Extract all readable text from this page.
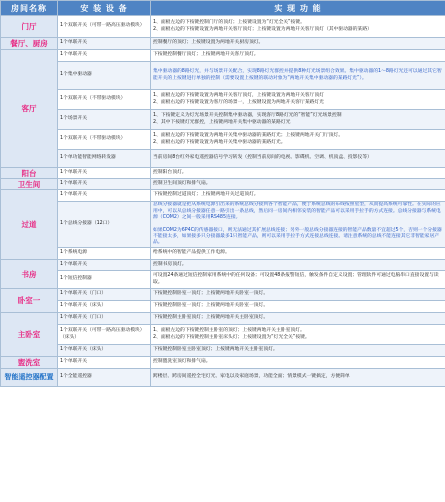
房间名称	安 装 设 备	实 现 功 能
门厅	1个双联开关（可带一路高压驱动模块）	1、面板左边的下按键控制门厅的顶灯；上按键设置为“灯光全关”按键。
2、面板右边的下按键设置为两地开关客厅顶灯；上按键设置为两地开关客厅顶灯（其中驱动器的某路）
餐厅、厨房	1个单联开关	控制餐厅的顶灯；上按键设置为两地开关厨房顶灯。
客厅	1个单联开关	下按键控制餐厅顶灯；上按键两地开关客厅顶灯。
	1个集中驱动器	集中驱动器的8路灯光，并与场景开关配合，实现8路灯光群控并提供8种灯光场景组合效果。集中驱动器的1～8路灯光还可以通过其它智能开关的上按键进行单独的控制（需要设置上按键的联动对象为“两地开关集中驱动器的某路灯光”）。
	1个双联开关（不带驱动模块）	1、面板左边的下按键设置为两地开关客厅顶灯，上按键设置为两地开关客厅顶灯
2、面板右边的下按键设置为客厅的场景一，上按键设置为两地开关客厅某路灯光
	1个场景开关	1、下按键定义为灯光场景开关控制集中驱动器，实现客厅8路灯光的“智能”灯光场景控制
2、其中下按键灯光群控，上按键两地开关集中驱动器的某路灯光
	1个双联开关（不带驱动模块）	1、面板左边的下按键设置为两地开关集中驱动器的某路灯光；上按键两地开关门厅顶灯。
2、面板右边的下按键设置为两地开关集中驱动器的某路灯光。
	1个单功能智能网络转发器	当前房间8台红外家电遥控器信号学习转发（控制当前房间的电视、影碟机、空调、机顶盒、投影仪等）
阳台	1个单联开关	控制阳台顶灯。
卫生间	1个单联开关	控制卫生间顶灯和排气扇。
过道	1个单联开关	下按键控制过道顶灯；上按键两地开关过道顶灯。
	1个总线分接器（12口）	总线分接器就是把从系统电源引出来的系统总线分接到各个智能产品，便于系统总线的布线按照星型，从而提高系统可靠性。在实际的应用中，可以从总线分接器任意一路引出一条总线，然后同一房间内相邻安装的智能产品可以采用手拉手的方式连接。总线分接器与系统电源（COM2）之间一般采用RS485连接。

如果COM2为6P4C的传感器接口，则无法通过其扩展总线连接；另外一般总线分接器连接的智能产品数量不宜超过5个，否则一个分接器不能接太多，如果接多只分接器最多1只智能产品，则可以采用手拉手方式连接总线连接。请注意系统的总线不能连接其它非智能家居产品。
	1个系统电源	给系统中的智能产品提供工作电源。
书房	1个单联开关	控制书房顶灯。
	1个短信控制器	可设置24条通过短信控制家用系统中的任何设备；可设置48条报警短信，触发条件自定义设置；管理软件可通过电脑串口直接设置与读取。
卧室一	1个单联开关（门口）	下按键控制卧室一顶灯；上按键两地开关卧室一顶灯。
	1个单联开关（床头）	下按键控制卧室一顶灯；上按键两地开关卧室一顶灯。
主卧室	1个单联开关（门口）	下按键控制主卧室顶灯；上按键两地开关主卧室顶灯。
	1个双联开关（可带一路高压驱动模块）（床头）	1、面板左边的下按键控制主卧室的顶灯；上按键两地开关主卧室顶灯。
2、面板右边的下按键控制主卧室床头灯；上按键设置为“灯光全关”按键。
	1个单联开关（床头）	下按键控制卧室主卧室顶灯；上按键两地开关主卧室顶灯。
盥洗室	1个单联开关	控制盥洗室顶灯和排气扇。
智能遥控器配置	1个全能遥控器	跨楼层、跨房间遥控全宅灯光、家电以及家庭场景，功能全面；情景模式一键搞定，方便简单
